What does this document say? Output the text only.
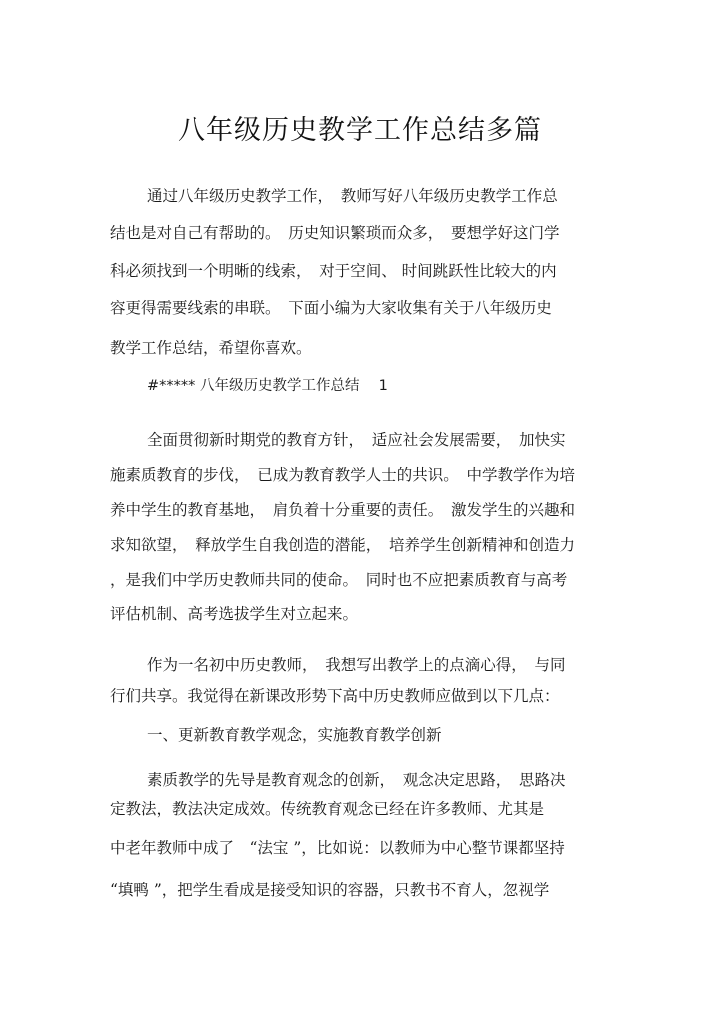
八年级历史教学工作总结多篇
通过八年级历史教学工作，　教师写好八年级历史教学工作总
结也是对自己有帮助的。　历史知识繁琐而众多，　要想学好这门学
科必须找到一个明晰的线索，　对于空间、 时间跳跃性比较大的内
容更得需要线索的串联。　下面小编为大家收集有关于八年级历史
教学工作总结，希望你喜欢。
#***** 八年级历史教学工作总结　 1
全面贯彻新时期党的教育方针，　适应社会发展需要，　加快实
施素质教育的步伐，　已成为教育教学人士的共识。　中学教学作为培
养中学生的教育基地，　肩负着十分重要的责任。　激发学生的兴趣和
求知欲望，　释放学生自我创造的潜能，　培养学生创新精神和创造力
，是我们中学历史教师共同的使命。　同时也不应把素质教育与高考
评估机制、高考选拔学生对立起来。
作为一名初中历史教师，　我想写出教学上的点滴心得，　与同
行们共享。我觉得在新课改形势下高中历史教师应做到以下几点：
一、更新教育教学观念，实施教育教学创新
素质教学的先导是教育观念的创新，　观念决定思路，　思路决
定教法，教法决定成效。传统教育观念已经在许多教师、尤其是
中老年教师中成了　“法宝 ”，比如说：以教师为中心整节课都坚持
“填鸭 ”，把学生看成是接受知识的容器，只教书不育人，忽视学
